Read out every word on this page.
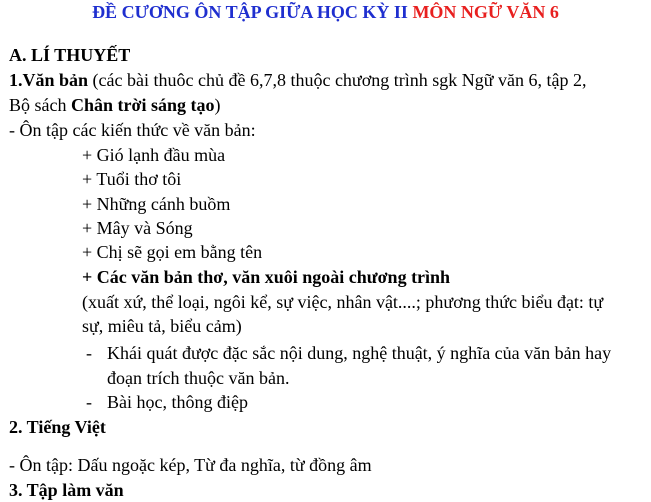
ĐỀ CƯƠNG ÔN TẬP GIỮA HỌC KỲ II MÔN NGỮ VĂN 6
A. LÍ THUYẾT
1.Văn bản (các bài thuôc chủ đề 6,7,8 thuộc chương trình sgk Ngữ văn 6, tập 2,
Bộ sách Chân trời sáng tạo)
- Ôn tập các kiến thức về văn bản:
+ Gió lạnh đầu mùa
+ Tuổi thơ tôi
+ Những cánh buồm
+ Mây và Sóng
+ Chị sẽ gọi em bằng tên
+ Các văn bản thơ, văn xuôi ngoài chương trình
(xuất xứ, thể loại, ngôi kể, sự việc, nhân vật....; phương thức biểu đạt: tự
sự, miêu tả, biểu cảm)
- Khái quát được đặc sắc nội dung, nghệ thuật, ý nghĩa của văn bản hay
đoạn trích thuộc văn bản.
- Bài học, thông điệp
2. Tiếng Việt
- Ôn tập: Dấu ngoặc kép, Từ đa nghĩa, từ đồng âm
3. Tập làm văn
